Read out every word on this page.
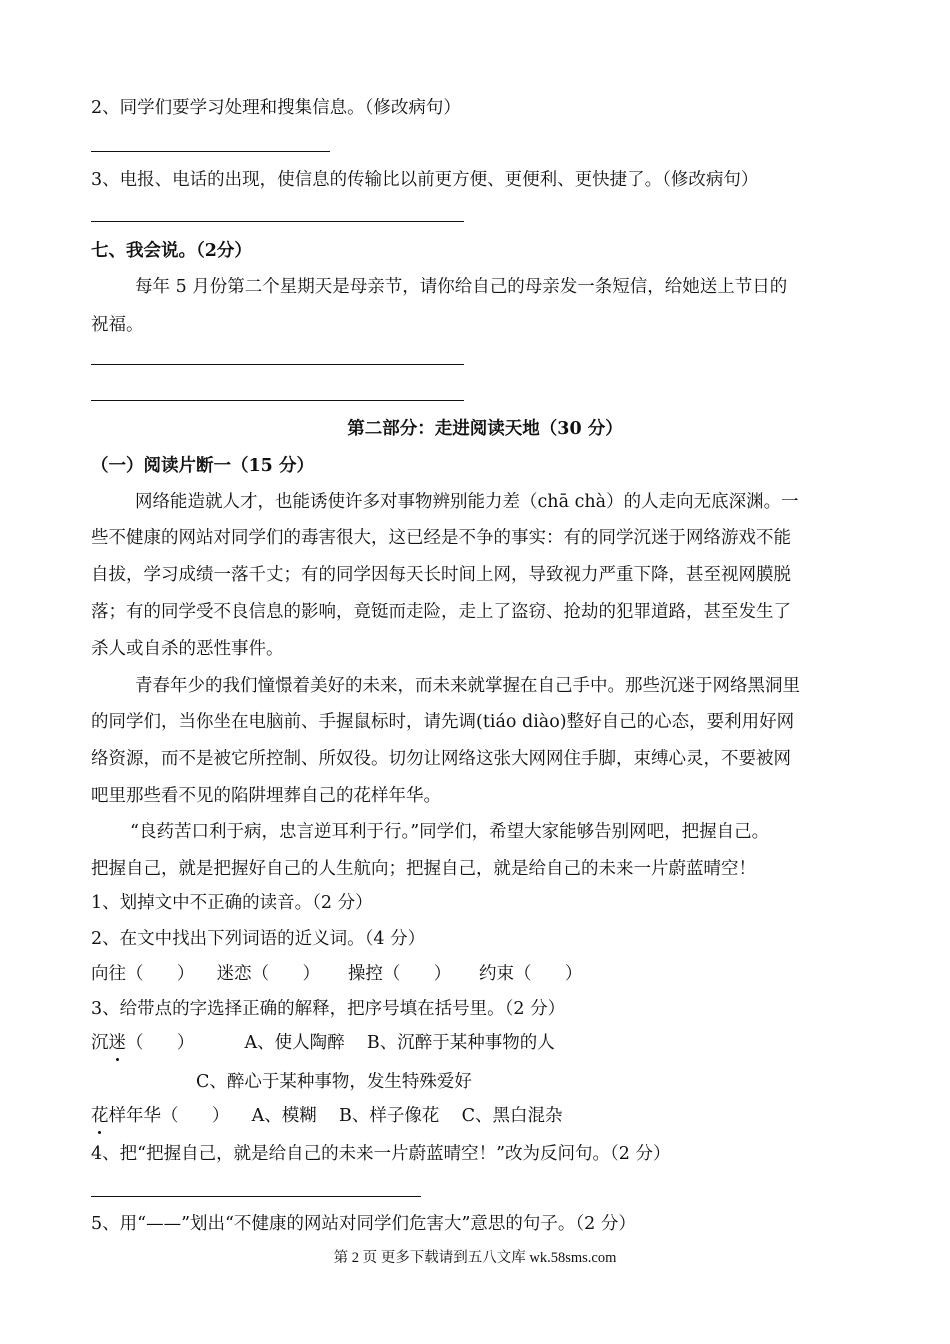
2、同学们要学习处理和搜集信息。（修改病句）
3、电报、电话的出现，使信息的传输比以前更方便、更便利、更快捷了。（修改病句）
七、我会说。（2分）
每年 5 月份第二个星期天是母亲节，请你给自己的母亲发一条短信，给她送上节日的
祝福。
第二部分：走进阅读天地（30 分）
（一）阅读片断一（15 分）
网络能造就人才，也能诱使许多对事物辨别能力差（chā chà）的人走向无底深渊。一
些不健康的网站对同学们的毒害很大，这已经是不争的事实：有的同学沉迷于网络游戏不能
自拔，学习成绩一落千丈；有的同学因每天长时间上网，导致视力严重下降，甚至视网膜脱
落；有的同学受不良信息的影响，竟铤而走险，走上了盗窃、抢劫的犯罪道路，甚至发生了
杀人或自杀的恶性事件。
青春年少的我们憧憬着美好的未来，而未来就掌握在自己手中。那些沉迷于网络黑洞里
的同学们，当你坐在电脑前、手握鼠标时，请先调(tiáo diào)整好自己的心态，要利用好网
络资源，而不是被它所控制、所奴役。切勿让网络这张大网网住手脚，束缚心灵，不要被网
吧里那些看不见的陷阱埋葬自己的花样年华。
“良药苦口利于病，忠言逆耳利于行。”同学们，希望大家能够告别网吧，把握自己。
把握自己，就是把握好自己的人生航向；把握自己，就是给自己的未来一片蔚蓝晴空！
1、划掉文中不正确的读音。（2 分）
2、在文中找出下列词语的近义词。（4 分）
向往（      ）    迷恋（      ）     操控（      ）     约束（      ）
3、给带点的字选择正确的解释，把序号填在括号里。（2 分）
沉迷（      ）         A、使人陶醉    B、沉醉于某种事物的人
C、醉心于某种事物，发生特殊爱好
花样年华（      ）    A、模糊    B、样子像花    C、黑白混杂
4、把“把握自己，就是给自己的未来一片蔚蓝晴空！”改为反问句。（2 分）
5、用“——”划出“不健康的网站对同学们危害大”意思的句子。（2 分）
第 2 页 更多下载请到五八文库 wk.58sms.com
